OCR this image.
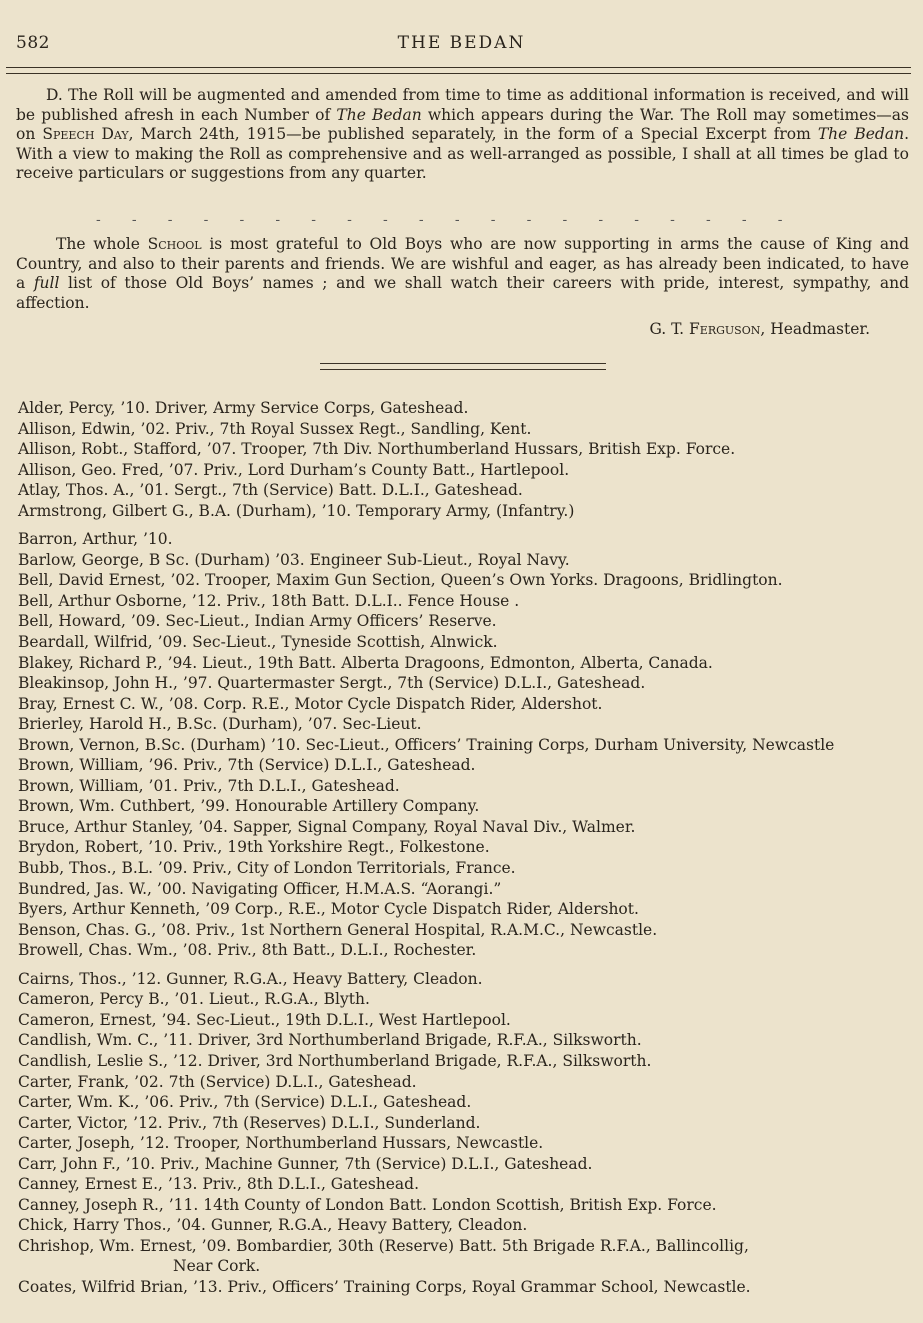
582	THE BEDAN

D. The Roll will be augmented and amended from time to time as additional information is received, and will be published afresh in each Number of The Bedan which appears during the War. The Roll may sometimes—as on Speech Day, March 24th, 1915—be published separately, in the form of a Special Excerpt from The Bedan. With a view to making the Roll as comprehensive and as well-arranged as possible, I shall at all times be glad to receive particulars or suggestions from any quarter.

-       -       -       -       -       -       -       -       -       -       -       -       -       -       -       -       -       -       -       -

The whole School is most grateful to Old Boys who are now supporting in arms the cause of King and Country, and also to their parents and friends. We are wishful and eager, as has already been indicated, to have a full list of those Old Boys’ names ; and we shall watch their careers with pride, interest, sympathy, and affection.

G. T. Ferguson, Headmaster.
Alder, Percy, ’10. Driver, Army Service Corps, Gateshead.
Allison, Edwin, ’02. Priv., 7th Royal Sussex Regt., Sandling, Kent.
Allison, Robt., Stafford, ’07. Trooper, 7th Div. Northumberland Hussars, British Exp. Force.
Allison, Geo. Fred, ’07. Priv., Lord Durham’s County Batt., Hartlepool.
Atlay, Thos. A., ’01. Sergt., 7th (Service) Batt. D.L.I., Gateshead.
Armstrong, Gilbert G., B.A. (Durham), ’10. Temporary Army, (Infantry.)
Barron, Arthur, ’10.
Barlow, George, B Sc. (Durham) ’03. Engineer Sub-Lieut., Royal Navy.
Bell, David Ernest, ’02. Trooper, Maxim Gun Section, Queen’s Own Yorks. Dragoons, Bridlington.
Bell, Arthur Osborne, ’12. Priv., 18th Batt. D.L.I.. Fence House .
Bell, Howard, ’09. Sec-Lieut., Indian Army Officers’ Reserve.
Beardall, Wilfrid, ’09. Sec-Lieut., Tyneside Scottish, Alnwick.
Blakey, Richard P., ’94. Lieut., 19th Batt. Alberta Dragoons, Edmonton, Alberta, Canada.
Bleakinsop, John H., ’97. Quartermaster Sergt., 7th (Service) D.L.I., Gateshead.
Bray, Ernest C. W., ’08. Corp. R.E., Motor Cycle Dispatch Rider, Aldershot.
Brierley, Harold H., B.Sc. (Durham), ’07. Sec-Lieut.
Brown, Vernon, B.Sc. (Durham) ’10. Sec-Lieut., Officers’ Training Corps, Durham University, Newcastle
Brown, William, ’96. Priv., 7th (Service) D.L.I., Gateshead.
Brown, William, ’01. Priv., 7th D.L.I., Gateshead.
Brown, Wm. Cuthbert, ’99. Honourable Artillery Company.
Bruce, Arthur Stanley, ’04. Sapper, Signal Company, Royal Naval Div., Walmer.
Brydon, Robert, ’10. Priv., 19th Yorkshire Regt., Folkestone.
Bubb, Thos., B.L. ’09. Priv., City of London Territorials, France.
Bundred, Jas. W., ’00. Navigating Officer, H.M.A.S. “Aorangi.”
Byers, Arthur Kenneth, ’09 Corp., R.E., Motor Cycle Dispatch Rider, Aldershot.
Benson, Chas. G., ’08. Priv., 1st Northern General Hospital, R.A.M.C., Newcastle.
Browell, Chas. Wm., ’08. Priv., 8th Batt., D.L.I., Rochester.
Cairns, Thos., ’12. Gunner, R.G.A., Heavy Battery, Cleadon.
Cameron, Percy B., ’01. Lieut., R.G.A., Blyth.
Cameron, Ernest, ’94. Sec-Lieut., 19th D.L.I., West Hartlepool.
Candlish, Wm. C., ’11. Driver, 3rd Northumberland Brigade, R.F.A., Silksworth.
Candlish, Leslie S., ’12. Driver, 3rd Northumberland Brigade, R.F.A., Silksworth.
Carter, Frank, ’02. 7th (Service) D.L.I., Gateshead.
Carter, Wm. K., ’06. Priv., 7th (Service) D.L.I., Gateshead.
Carter, Victor, ’12. Priv., 7th (Reserves) D.L.I., Sunderland.
Carter, Joseph, ’12. Trooper, Northumberland Hussars, Newcastle.
Carr, John F., ’10. Priv., Machine Gunner, 7th (Service) D.L.I., Gateshead.
Canney, Ernest E., ’13. Priv., 8th D.L.I., Gateshead.
Canney, Joseph R., ’11. 14th County of London Batt. London Scottish, British Exp. Force.
Chick, Harry Thos., ’04. Gunner, R.G.A., Heavy Battery, Cleadon.
Chrishop, Wm. Ernest, ’09. Bombardier, 30th (Reserve) Batt. 5th Brigade R.F.A., Ballincollig,
Near Cork.
Coates, Wilfrid Brian, ’13. Priv., Officers’ Training Corps, Royal Grammar School, Newcastle.
